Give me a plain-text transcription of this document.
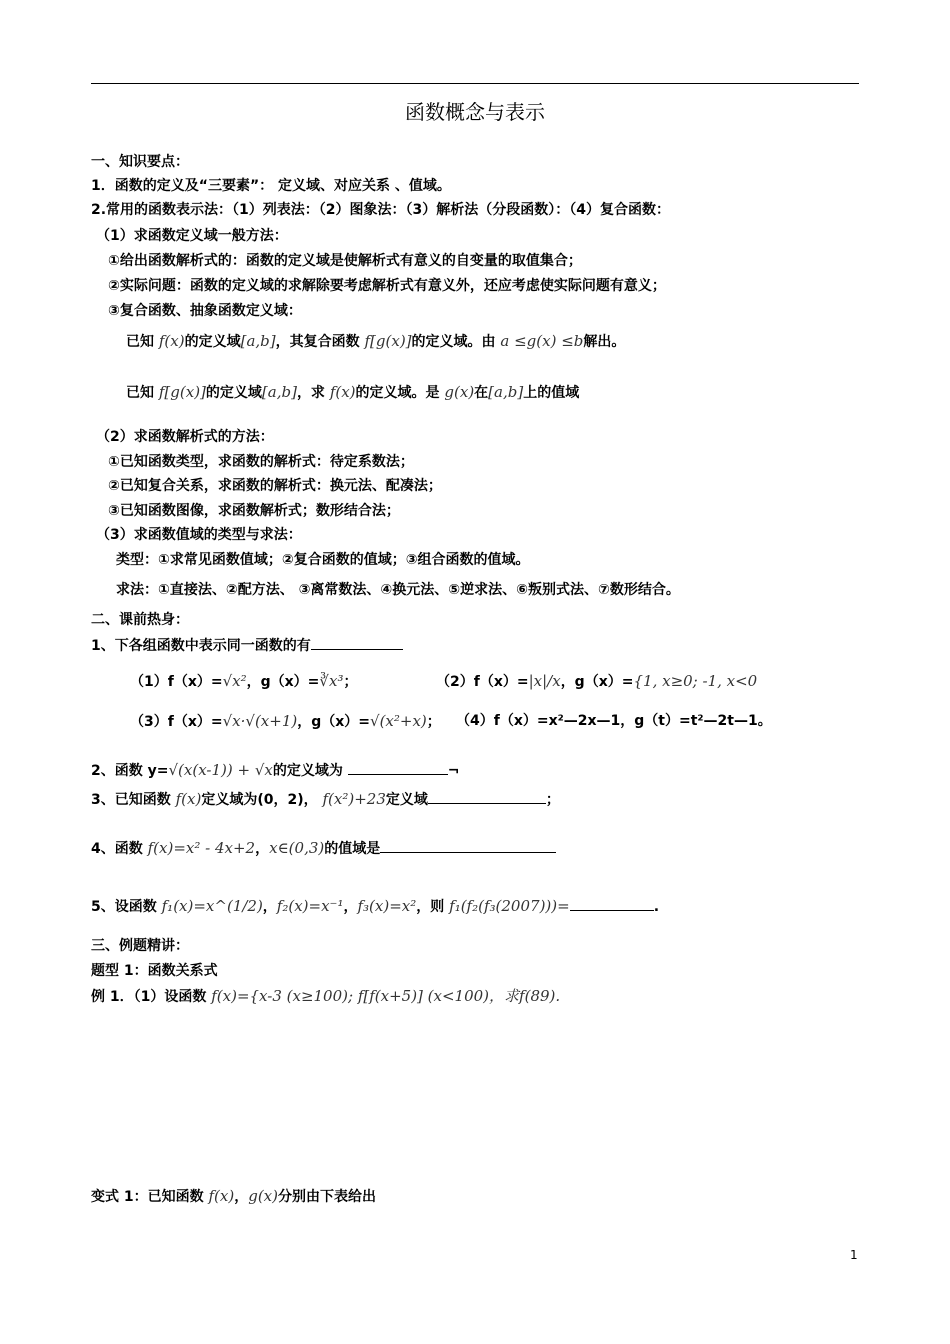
函数概念与表示
一、知识要点：
1．函数的定义及“三要素”： 定义域、对应关系 、值域。
2.常用的函数表示法：（1）列表法：（2）图象法：（3）解析法（分段函数）：（4）复合函数：
（1）求函数定义域一般方法：
①给出函数解析式的：函数的定义域是使解析式有意义的自变量的取值集合；
②实际问题：函数的定义域的求解除要考虑解析式有意义外，还应考虑使实际问题有意义；
③复合函数、抽象函数定义域：
已知 f(x)的定义域[a,b]，其复合函数 f[g(x)]的定义域。由 a ≤g(x) ≤b解出。
已知 f[g(x)]的定义域[a,b]，求 f(x)的定义域。是 g(x)在[a,b]上的值域
（2）求函数解析式的方法：
①已知函数类型，求函数的解析式：待定系数法；
②已知复合关系，求函数的解析式：换元法、配凑法；
③已知函数图像，求函数解析式；数形结合法；
（3）求函数值域的类型与求法：
类型：①求常见函数值域；②复合函数的值域；③组合函数的值域。
求法：①直接法、②配方法、 ③离常数法、④换元法、⑤逆求法、⑥叛别式法、⑦数形结合。
二、课前热身：
1、下各组函数中表示同一函数的有
（1）f（x）=√x²，g（x）=∛x³；	（2）f（x）=|x|/x，g（x）={1, x≥0; -1, x<0
（3）f（x）=√x·√(x+1)，g（x）=√(x²+x)； （4）f（x）=x²—2x—1，g（t）=t²—2t—1。
2、函数 y=√(x(x-1)) + √x的定义域为	¬
3、已知函数 f(x)定义域为(0，2)， f(x²)+23定义域	；
4、函数 f(x)=x² - 4x+2，x∈(0,3)的值域是
5、设函数 f₁(x)=x^(1/2)，f₂(x)=x⁻¹，f₃(x)=x²，则 f₁(f₂(f₃(2007)))=	.
三、例题精讲：
题型 1：函数关系式
例 1．（1）设函数 f(x)={x-3 (x≥100); f[f(x+5)] (x<100)，求f(89).
变式 1：已知函数 f(x)，g(x)分别由下表给出
1
